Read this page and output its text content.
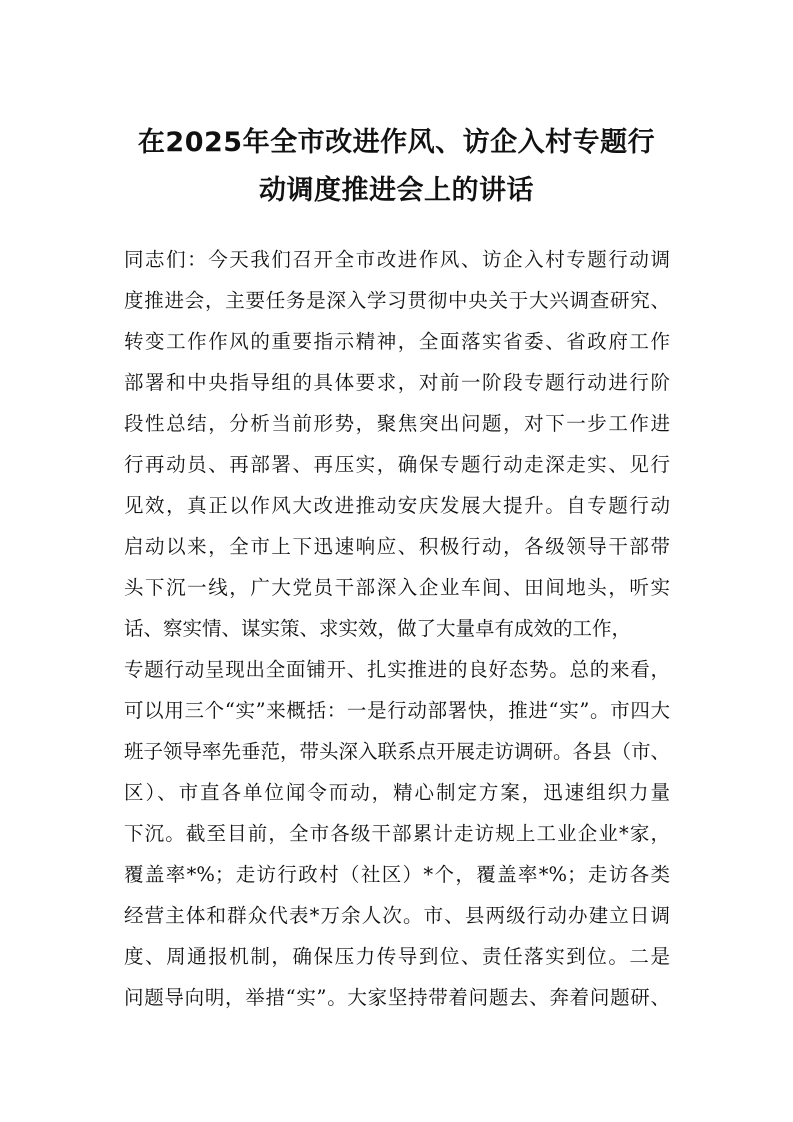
在2025年全市改进作风、访企入村专题行
动调度推进会上的讲话
同志们：今天我们召开全市改进作风、访企入村专题行动调
度推进会，主要任务是深入学习贯彻中央关于大兴调查研究、
转变工作作风的重要指示精神，全面落实省委、省政府工作
部署和中央指导组的具体要求，对前一阶段专题行动进行阶
段性总结，分析当前形势，聚焦突出问题，对下一步工作进
行再动员、再部署、再压实，确保专题行动走深走实、见行
见效，真正以作风大改进推动安庆发展大提升。自专题行动
启动以来，全市上下迅速响应、积极行动，各级领导干部带
头下沉一线，广大党员干部深入企业车间、田间地头，听实
话、察实情、谋实策、求实效，做了大量卓有成效的工作，
专题行动呈现出全面铺开、扎实推进的良好态势。总的来看，
可以用三个“实”来概括：一是行动部署快，推进“实”。市四大
班子领导率先垂范，带头深入联系点开展走访调研。各县（市、
区）、市直各单位闻令而动，精心制定方案，迅速组织力量
下沉。截至目前，全市各级干部累计走访规上工业企业*家，
覆盖率*%；走访行政村（社区）*个，覆盖率*%；走访各类
经营主体和群众代表*万余人次。市、县两级行动办建立日调
度、周通报机制，确保压力传导到位、责任落实到位。二是
问题导向明，举措“实”。大家坚持带着问题去、奔着问题研、
